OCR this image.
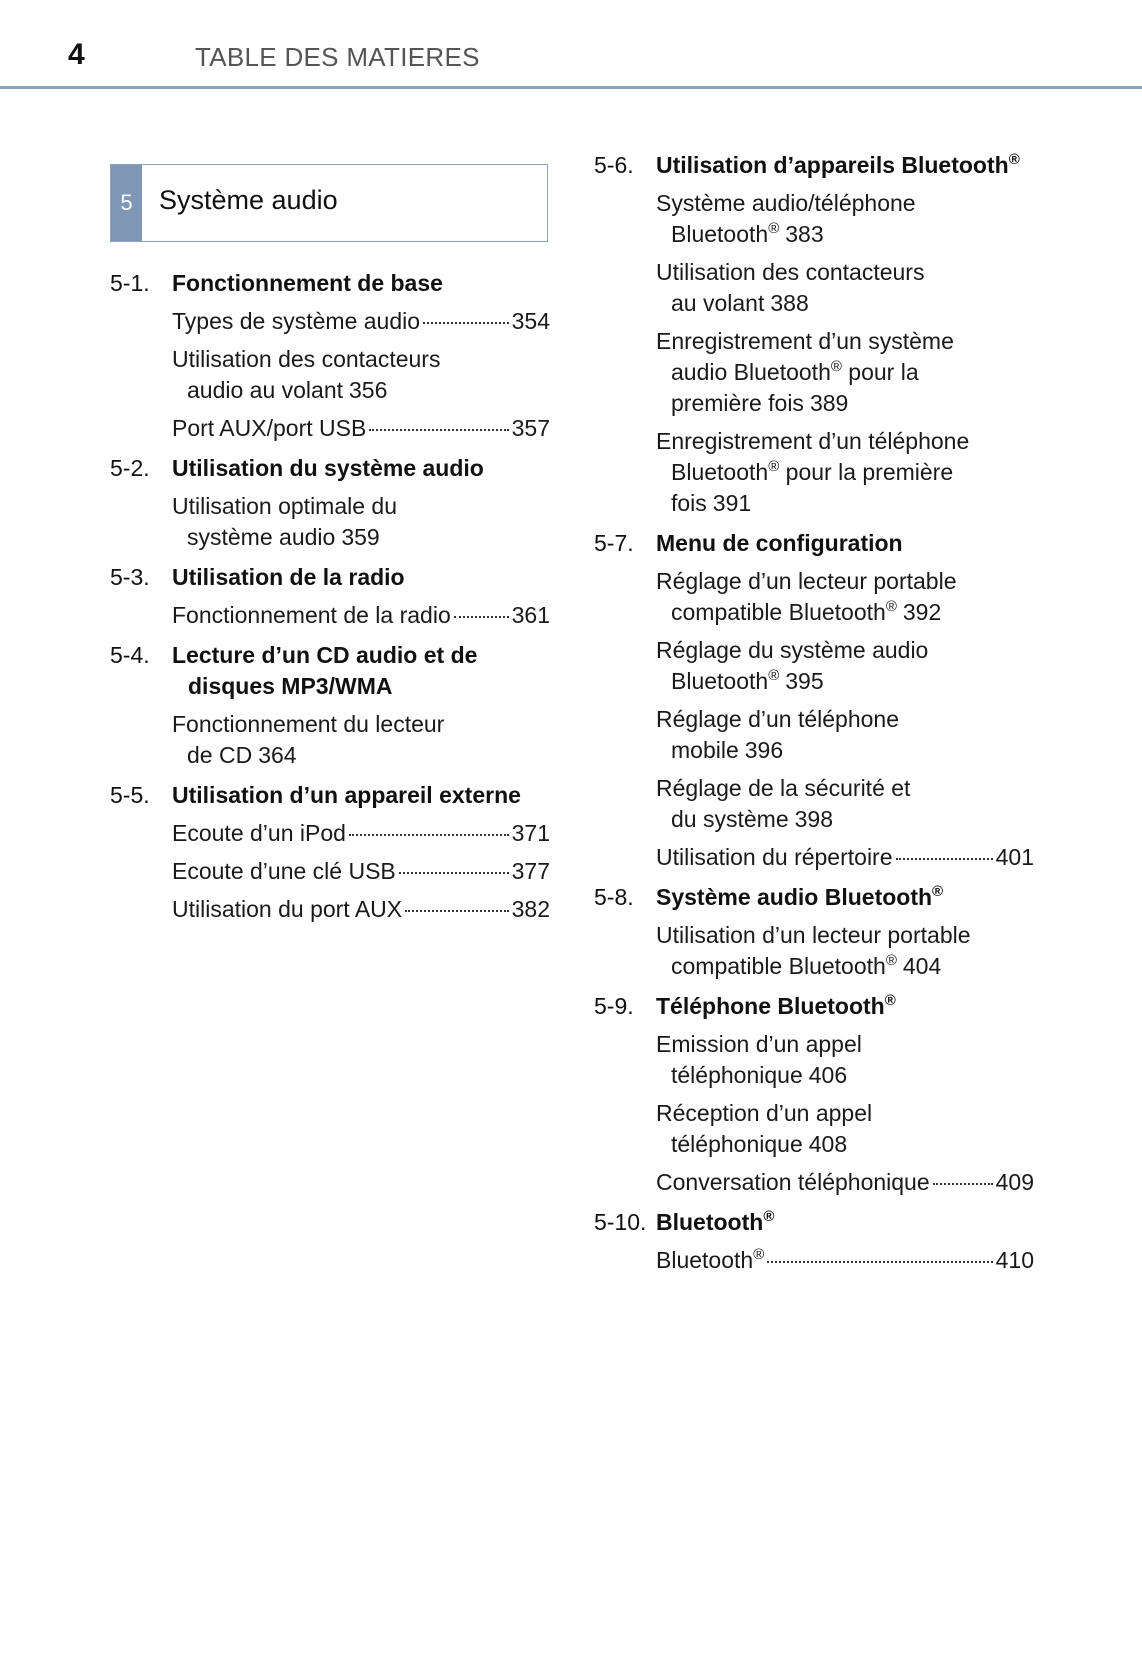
4	TABLE DES MATIERES
5 Système audio
5-1. Fonctionnement de base
Types de système audio	354
Utilisation des contacteurs
audio au volant 356
Port AUX/port USB	357
5-2. Utilisation du système audio
Utilisation optimale du
système audio 359
5-3. Utilisation de la radio
Fonctionnement de la radio	361
5-4. Lecture d’un CD audio et de
disques MP3/WMA
Fonctionnement du lecteur
de CD 364
5-5. Utilisation d’un appareil externe
Ecoute d’un iPod	371
Ecoute d’une clé USB	377
Utilisation du port AUX	382
5-6. Utilisation d’appareils Bluetooth®
Système audio/téléphone
Bluetooth® 383
Utilisation des contacteurs
au volant 388
Enregistrement d’un système
audio Bluetooth® pour la
première fois 389
Enregistrement d’un téléphone
Bluetooth® pour la première
fois 391
5-7. Menu de configuration
Réglage d’un lecteur portable
compatible Bluetooth® 392
Réglage du système audio
Bluetooth® 395
Réglage d’un téléphone
mobile 396
Réglage de la sécurité et
du système 398
Utilisation du répertoire	401
5-8. Système audio Bluetooth®
Utilisation d’un lecteur portable
compatible Bluetooth® 404
5-9. Téléphone Bluetooth®
Emission d’un appel
téléphonique 406
Réception d’un appel
téléphonique 408
Conversation téléphonique	409
5-10. Bluetooth®
Bluetooth®	410
